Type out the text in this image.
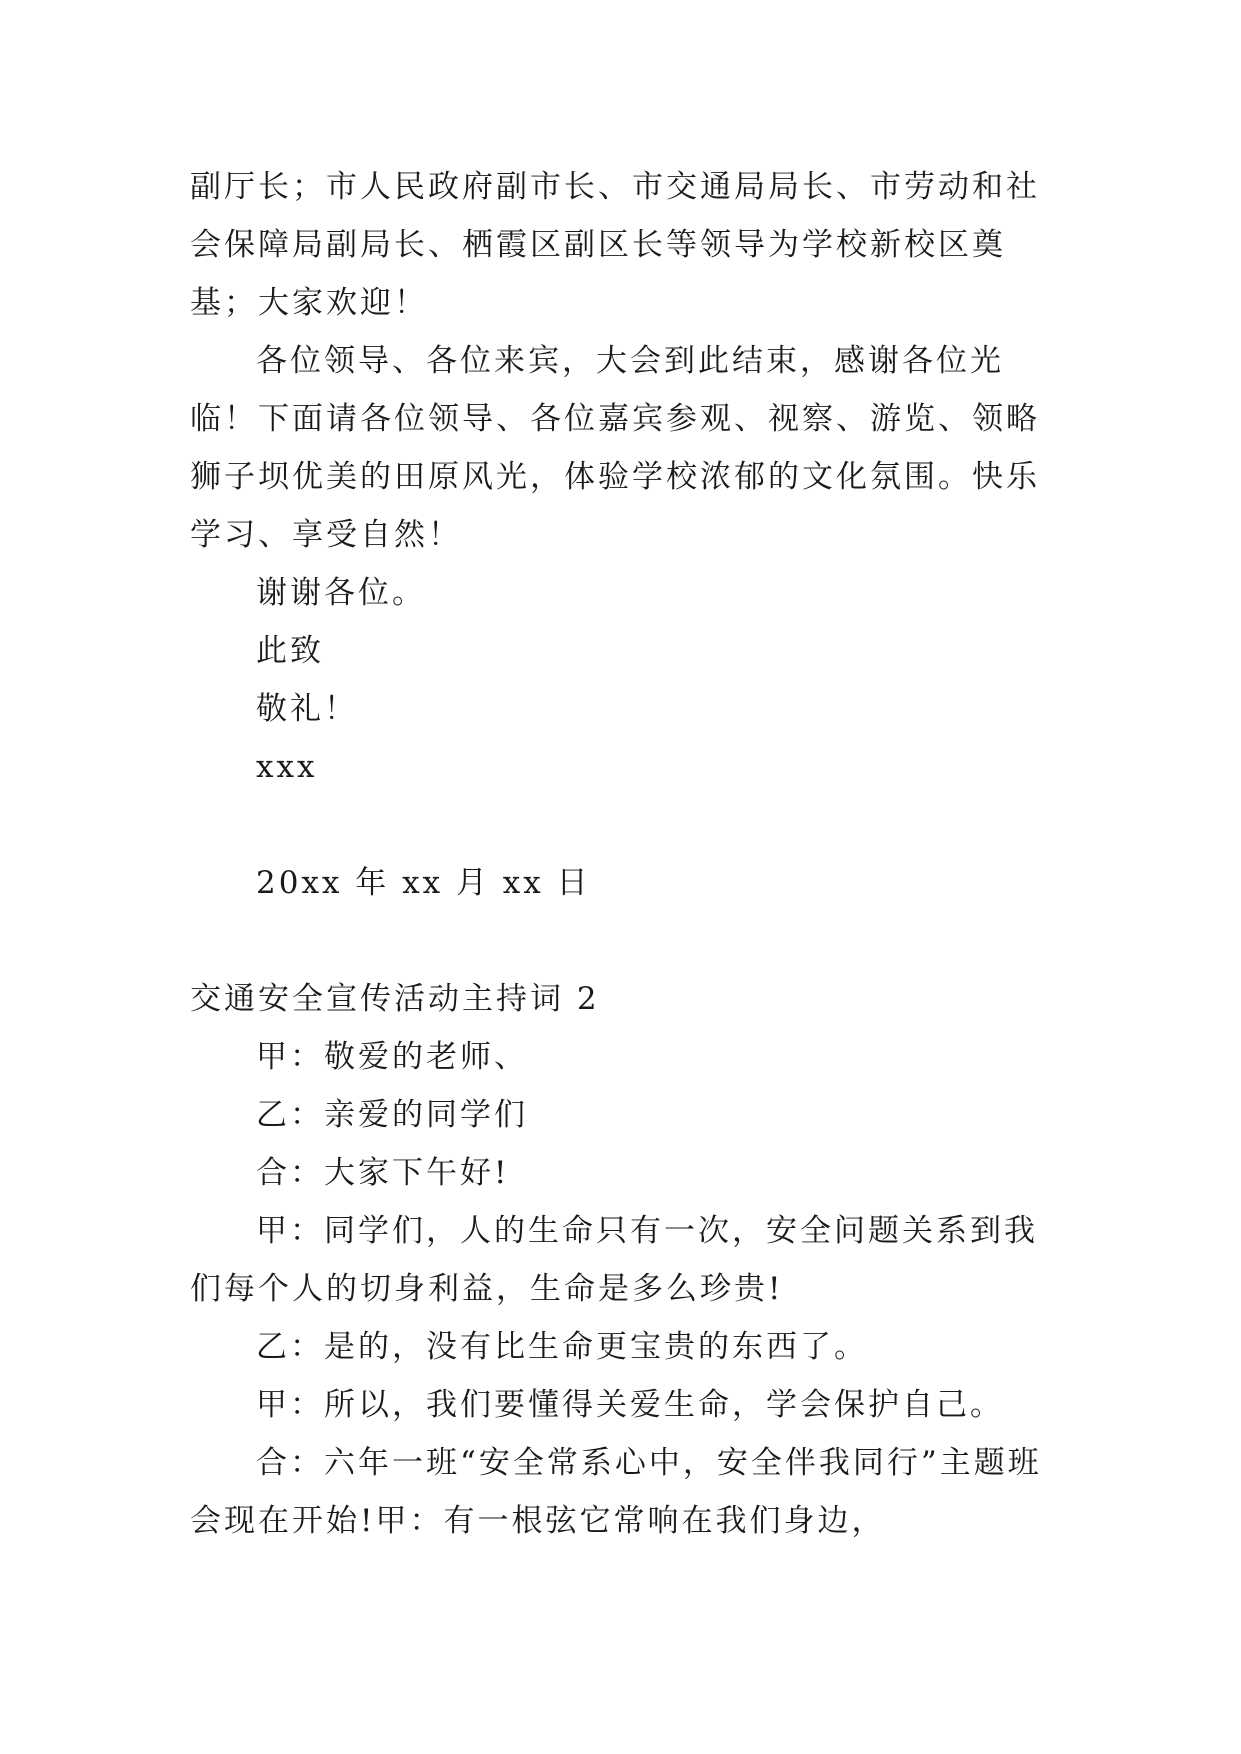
副厅长；市人民政府副市长、市交通局局长、市劳动和社会保障局副局长、栖霞区副区长等领导为学校新校区奠基；大家欢迎！

各位领导、各位来宾，大会到此结束，感谢各位光临！下面请各位领导、各位嘉宾参观、视察、游览、领略狮子坝优美的田原风光，体验学校浓郁的文化氛围。快乐学习、享受自然！

谢谢各位。

此致

敬礼！

xxx

20xx 年 xx 月 xx 日

交通安全宣传活动主持词 2

甲：敬爱的老师、

乙：亲爱的同学们

合：大家下午好!

甲：同学们，人的生命只有一次，安全问题关系到我们每个人的切身利益，生命是多么珍贵!

乙：是的，没有比生命更宝贵的东西了。

甲：所以，我们要懂得关爱生命，学会保护自己。

合：六年一班“安全常系心中，安全伴我同行”主题班会现在开始!甲：有一根弦它常响在我们身边，
